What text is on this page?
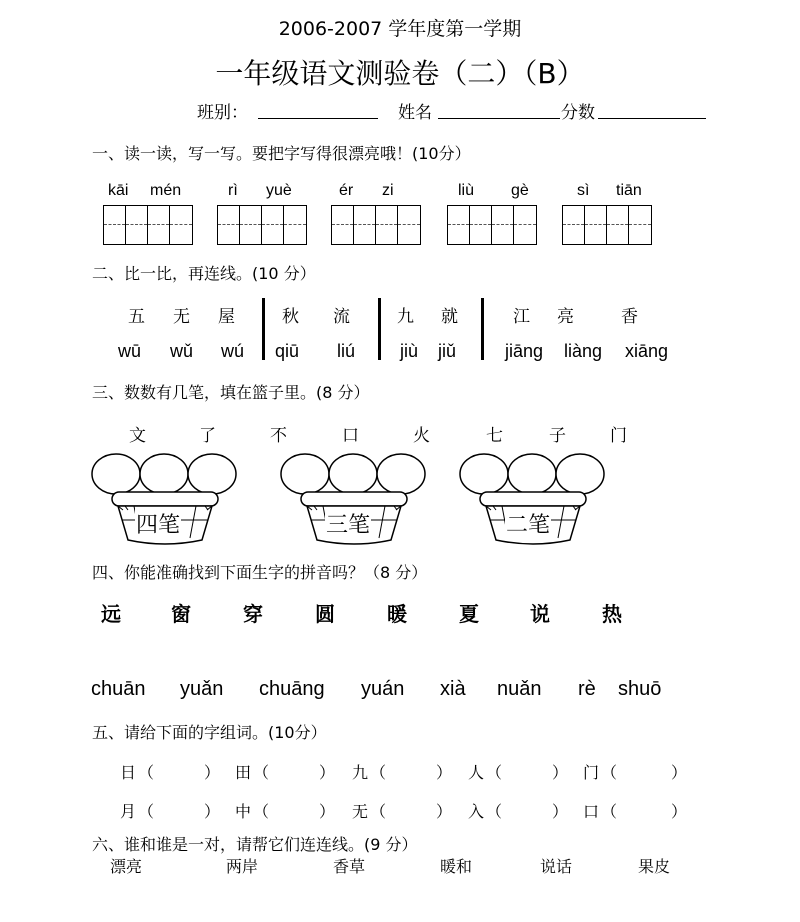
2006-2007 学年度第一学期
一年级语文测验卷（二）（B）
班别：	姓名	分数
一、读一读，写一写。要把字写得很漂亮哦！(10分）
kāi mén	rì yuè	ér zi	liù gè	sì tiān
二、比一比，再连线。(10 分）
五 无 屋
wū wǔ wú
秋 流
qiū liú
九 就
jiù jiǔ
江 亮	香
jiāng liàng xiāng
三、数数有几笔，填在篮子里。(8 分）
文	了	不	口	火	七	子	门
四笔	三笔	二笔
四、你能准确找到下面生字的拼音吗？（8 分）
远	窗	穿	圆	暖	夏	说	热
chuān yuǎn chuāng yuán xià nuǎn rè shuō
五、请给下面的字组词。(10分）
日 （	） 田 （	） 九 （	） 人 （	） 门 （	）
月 （	） 中 （	） 无 （	） 入 （	） 口 （	）
六、谁和谁是一对，请帮它们连连线。(9 分）
漂亮	两岸	香草	暖和	说话	果皮
